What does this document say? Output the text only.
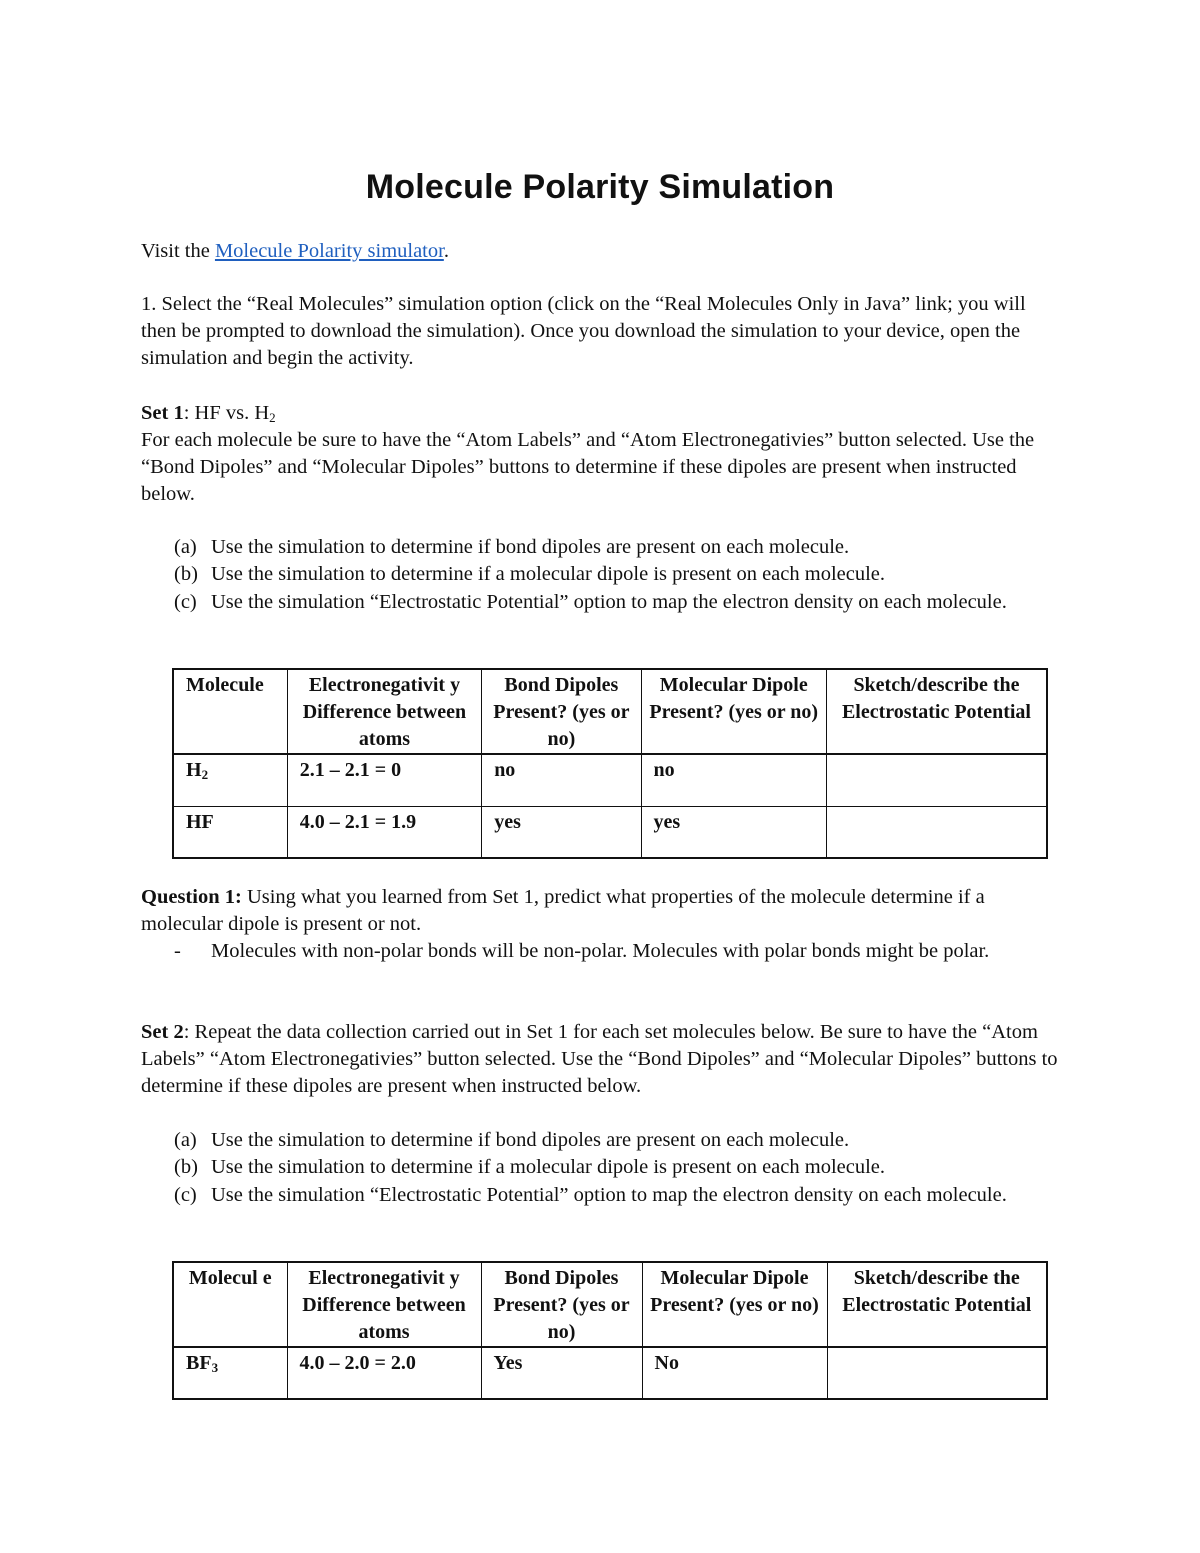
Molecule Polarity Simulation
Visit the Molecule Polarity simulator.
1. Select the “Real Molecules” simulation option (click on the “Real Molecules Only in Java” link; you will then be prompted to download the simulation). Once you download the simulation to your device, open the simulation and begin the activity.
Set 1: HF vs. $H_2$
For each molecule be sure to have the “Atom Labels” and “Atom Electronegativies” button selected. Use the “Bond Dipoles” and “Molecular Dipoles” buttons to determine if these dipoles are present when instructed below.
(a) Use the simulation to determine if bond dipoles are present on each molecule.
(b) Use the simulation to determine if a molecular dipole is present on each molecule.
(c) Use the simulation “Electrostatic Potential” option to map the electron density on each molecule.
Molecule	Electronegativit y Difference between atoms	Bond Dipoles Present? (yes or no)	Molecular Dipole Present? (yes or no)	Sketch/describe the Electrostatic Potential
$H_2$	2.1 – 2.1 = 0	no	no	
HF	4.0 – 2.1 = 1.9	yes	yes	
Question 1: Using what you learned from Set 1, predict what properties of the molecule determine if a molecular dipole is present or not.
-	Molecules with non-polar bonds will be non-polar. Molecules with polar bonds might be polar.
Set 2: Repeat the data collection carried out in Set 1 for each set molecules below. Be sure to have the “Atom Labels” “Atom Electronegativies” button selected. Use the “Bond Dipoles” and “Molecular Dipoles” buttons to determine if these dipoles are present when instructed below.
(a) Use the simulation to determine if bond dipoles are present on each molecule.
(b) Use the simulation to determine if a molecular dipole is present on each molecule.
(c) Use the simulation “Electrostatic Potential” option to map the electron density on each molecule.
Molecul e	Electronegativit y Difference between atoms	Bond Dipoles Present? (yes or no)	Molecular Dipole Present? (yes or no)	Sketch/describe the Electrostatic Potential
$BF_3$	4.0 – 2.0 = 2.0	Yes	No	
